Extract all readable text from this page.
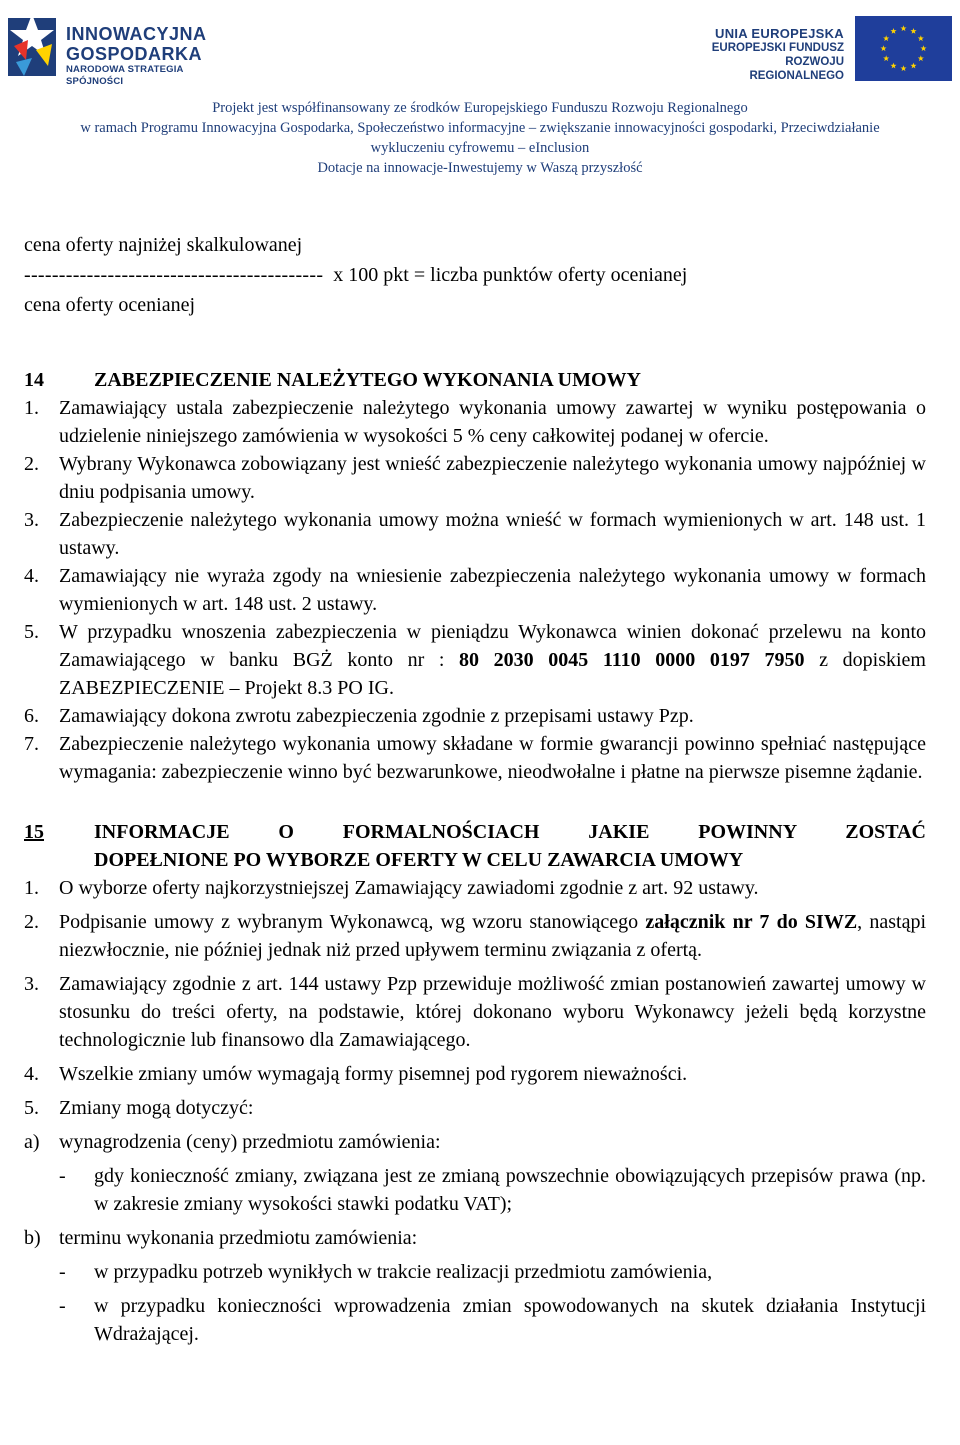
INNOWACYJNA
GOSPODARKA
NARODOWA STRATEGIA SPÓJNOŚCI
UNIA EUROPEJSKA
EUROPEJSKI FUNDUSZ
ROZWOJU REGIONALNEGO
Projekt jest współfinansowany ze środków Europejskiego Funduszu Rozwoju Regionalnego
w ramach Programu Innowacyjna Gospodarka, Społeczeństwo informacyjne – zwiększanie innowacyjności gospodarki, Przeciwdziałanie
wykluczeniu cyfrowemu – eInclusion
Dotacje na innowacje-Inwestujemy w Waszą przyszłość
cena oferty najniżej skalkulowanej
------------------------------------------- x 100 pkt = liczba punktów oferty ocenianej
cena oferty ocenianej
14	ZABEZPIECZENIE NALEŻYTEGO WYKONANIA UMOWY
1. Zamawiający ustala zabezpieczenie należytego wykonania umowy zawartej w wyniku postępowania o udzielenie niniejszego zamówienia w wysokości 5 % ceny całkowitej podanej w ofercie.
2. Wybrany Wykonawca zobowiązany jest wnieść zabezpieczenie należytego wykonania umowy najpóźniej w dniu podpisania umowy.
3. Zabezpieczenie należytego wykonania umowy można wnieść w formach wymienionych w art. 148 ust. 1 ustawy.
4. Zamawiający nie wyraża zgody na wniesienie zabezpieczenia należytego wykonania umowy w formach wymienionych w art. 148 ust. 2 ustawy.
5. W przypadku wnoszenia zabezpieczenia w pieniądzu Wykonawca winien dokonać przelewu na konto Zamawiającego w banku BGŻ konto nr : 80 2030 0045 1110 0000 0197 7950 z dopiskiem ZABEZPIECZENIE – Projekt 8.3 PO IG.
6. Zamawiający dokona zwrotu zabezpieczenia zgodnie z przepisami ustawy Pzp.
7. Zabezpieczenie należytego wykonania umowy składane w formie gwarancji powinno spełniać następujące wymagania: zabezpieczenie winno być bezwarunkowe, nieodwołalne i płatne na pierwsze pisemne żądanie.
15	INFORMACJE O FORMALNOŚCIACH JAKIE POWINNY ZOSTAĆ
DOPEŁNIONE PO WYBORZE OFERTY W CELU ZAWARCIA UMOWY
1. O wyborze oferty najkorzystniejszej Zamawiający zawiadomi zgodnie z art. 92 ustawy.
2. Podpisanie umowy z wybranym Wykonawcą, wg wzoru stanowiącego załącznik nr 7 do SIWZ, nastąpi niezwłocznie, nie później jednak niż przed upływem terminu związania z ofertą.
3. Zamawiający zgodnie z art. 144 ustawy Pzp przewiduje możliwość zmian postanowień zawartej umowy w stosunku do treści oferty, na podstawie, której dokonano wyboru Wykonawcy jeżeli będą korzystne technologicznie lub finansowo dla Zamawiającego.
4. Wszelkie zmiany umów wymagają formy pisemnej pod rygorem nieważności.
5. Zmiany mogą dotyczyć:
a) wynagrodzenia (ceny) przedmiotu zamówienia:
- gdy konieczność zmiany, związana jest ze zmianą powszechnie obowiązujących przepisów prawa (np. w zakresie zmiany wysokości stawki podatku VAT);
b) terminu wykonania przedmiotu zamówienia:
- w przypadku potrzeb wynikłych w trakcie realizacji przedmiotu zamówienia,
- w przypadku konieczności wprowadzenia zmian spowodowanych na skutek działania Instytucji Wdrażającej.
